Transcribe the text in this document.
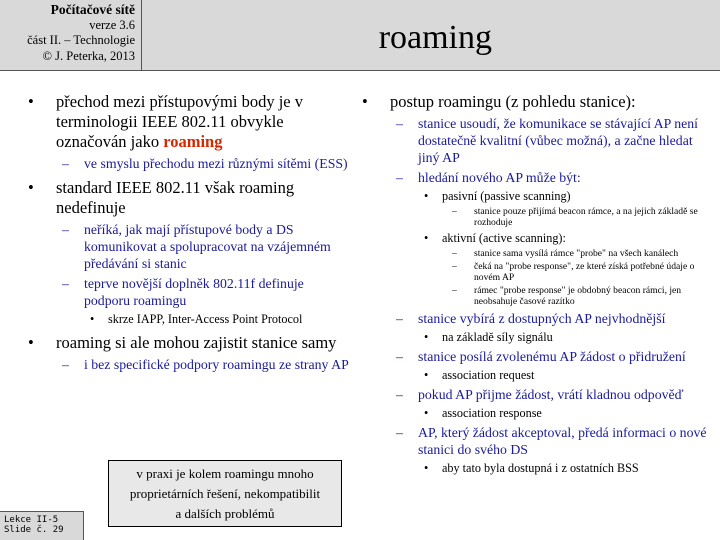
Počítačové sítě
verze 3.6
část II. – Technologie
© J. Peterka, 2013	roaming
• přechod mezi přístupovými body je v terminologii IEEE 802.11 obvykle označován jako roaming
– ve smyslu přechodu mezi různými sítěmi (ESS)
• standard IEEE 802.11 však roaming nedefinuje
– neříká, jak mají přístupové body a DS komunikovat a spolupracovat na vzájemném předávání si stanic
– teprve novější doplněk 802.11f definuje podporu roamingu
• skrze IAPP, Inter-Access Point Protocol
• roaming si ale mohou zajistit stanice samy
– i bez specifické podpory roamingu ze strany AP
• postup roamingu (z pohledu stanice):
– stanice usoudí, že komunikace se stávající AP není dostatečně kvalitní (vůbec možná), a začne hledat jiný AP
– hledání nového AP může být:
• pasivní (passive scanning)
– stanice pouze přijímá beacon rámce, a na jejich základě se rozhoduje
• aktivní (active scanning):
– stanice sama vysílá rámce "probe" na všech kanálech
– čeká na "probe response", ze které získá potřebné údaje o novém AP
– rámec "probe response" je obdobný beacon rámci, jen neobsahuje časové razítko
– stanice vybírá z dostupných AP nejvhodnější
• na základě síly signálu
– stanice posílá zvolenému AP žádost o přidružení
• association request
– pokud AP přijme žádost, vrátí kladnou odpověď
• association response
– AP, který žádost akceptoval, předá informaci o nové stanici do svého DS
• aby tato byla dostupná i z ostatních BSS
v praxi je kolem roamingu mnoho
proprietárních řešení, nekompatibilit
a dalších problémů
Lekce II-5
Slide č. 29
